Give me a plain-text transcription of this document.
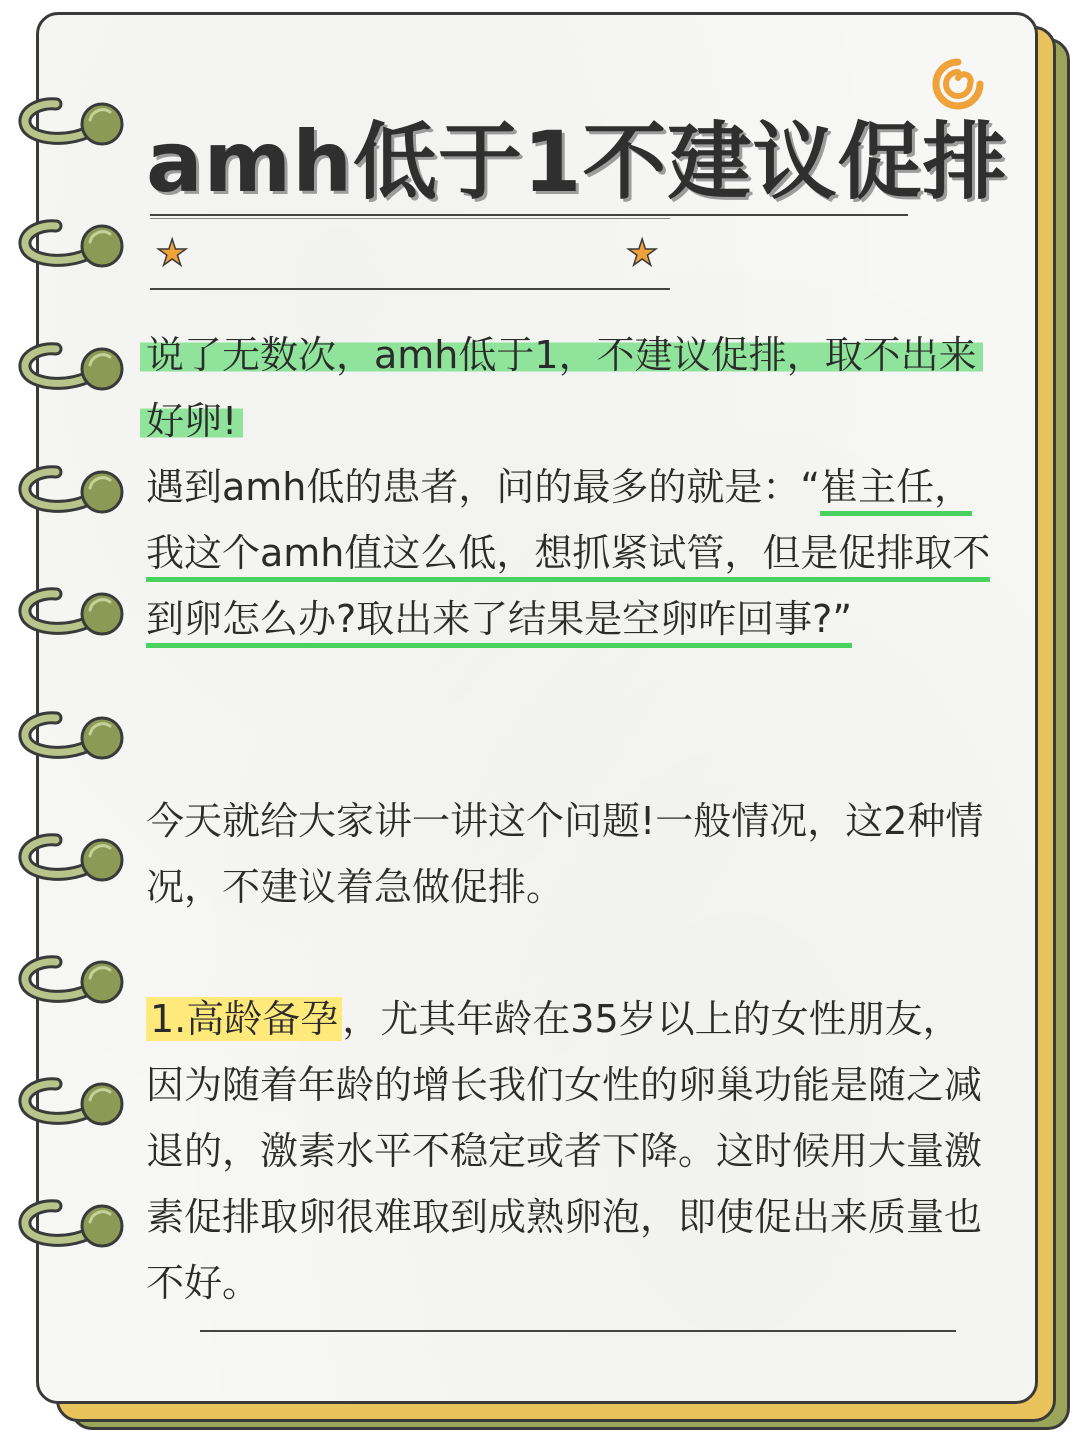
amh低于1不建议促排
★	★
说了无数次，amh低于1，不建议促排，取不出来好卵!
遇到amh低的患者，问的最多的就是：“崔主任，我这个amh值这么低，想抓紧试管，但是促排取不到卵怎么办?取出来了结果是空卵咋回事?”
今天就给大家讲一讲这个问题!一般情况，这2种情况，不建议着急做促排。
1.高龄备孕 ，尤其年龄在35岁以上的女性朋友，因为随着年龄的增长我们女性的卵巢功能是随之减退的，激素水平不稳定或者下降。这时候用大量激素促排取卵很难取到成熟卵泡，即使促出来质量也不好。
